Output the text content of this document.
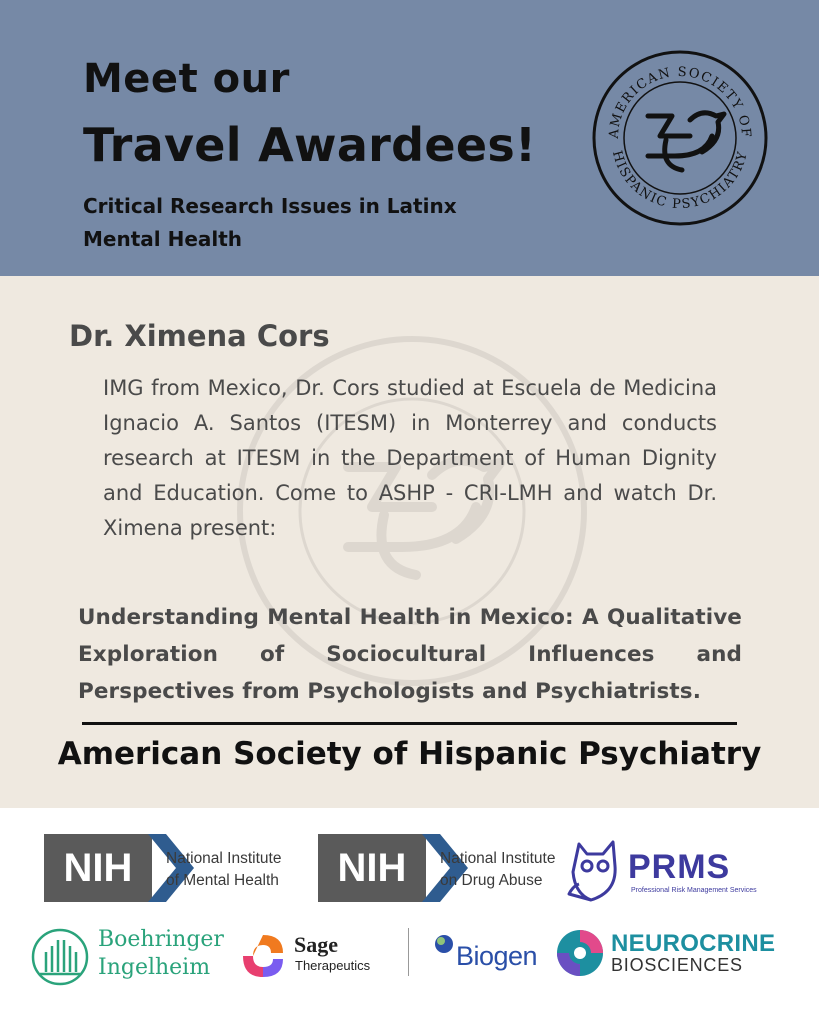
Meet our
Travel Awardees!
Critical Research Issues in Latinx Mental Health
AMERICAN SOCIETY OF
HISPANIC PSYCHIATRY
Dr. Ximena Cors
IMG from Mexico, Dr. Cors studied at Escuela de Medicina Ignacio A. Santos (ITESM) in Monterrey and conducts research at ITESM in the Department of Human Dignity and Education. Come to ASHP - CRI-LMH and watch Dr. Ximena present:
Understanding Mental Health in Mexico: A Qualitative Exploration of Sociocultural Influences and Perspectives from Psychologists and Psychiatrists.
American Society of Hispanic Psychiatry
NIH	National Institute
of Mental Health	NIH	National Institute
on Drug Abuse	PRMS
Professional Risk Management Services
Boehringer
Ingelheim
Sage
Therapeutics	Biogen	NEUROCRINE
BIOSCIENCES
